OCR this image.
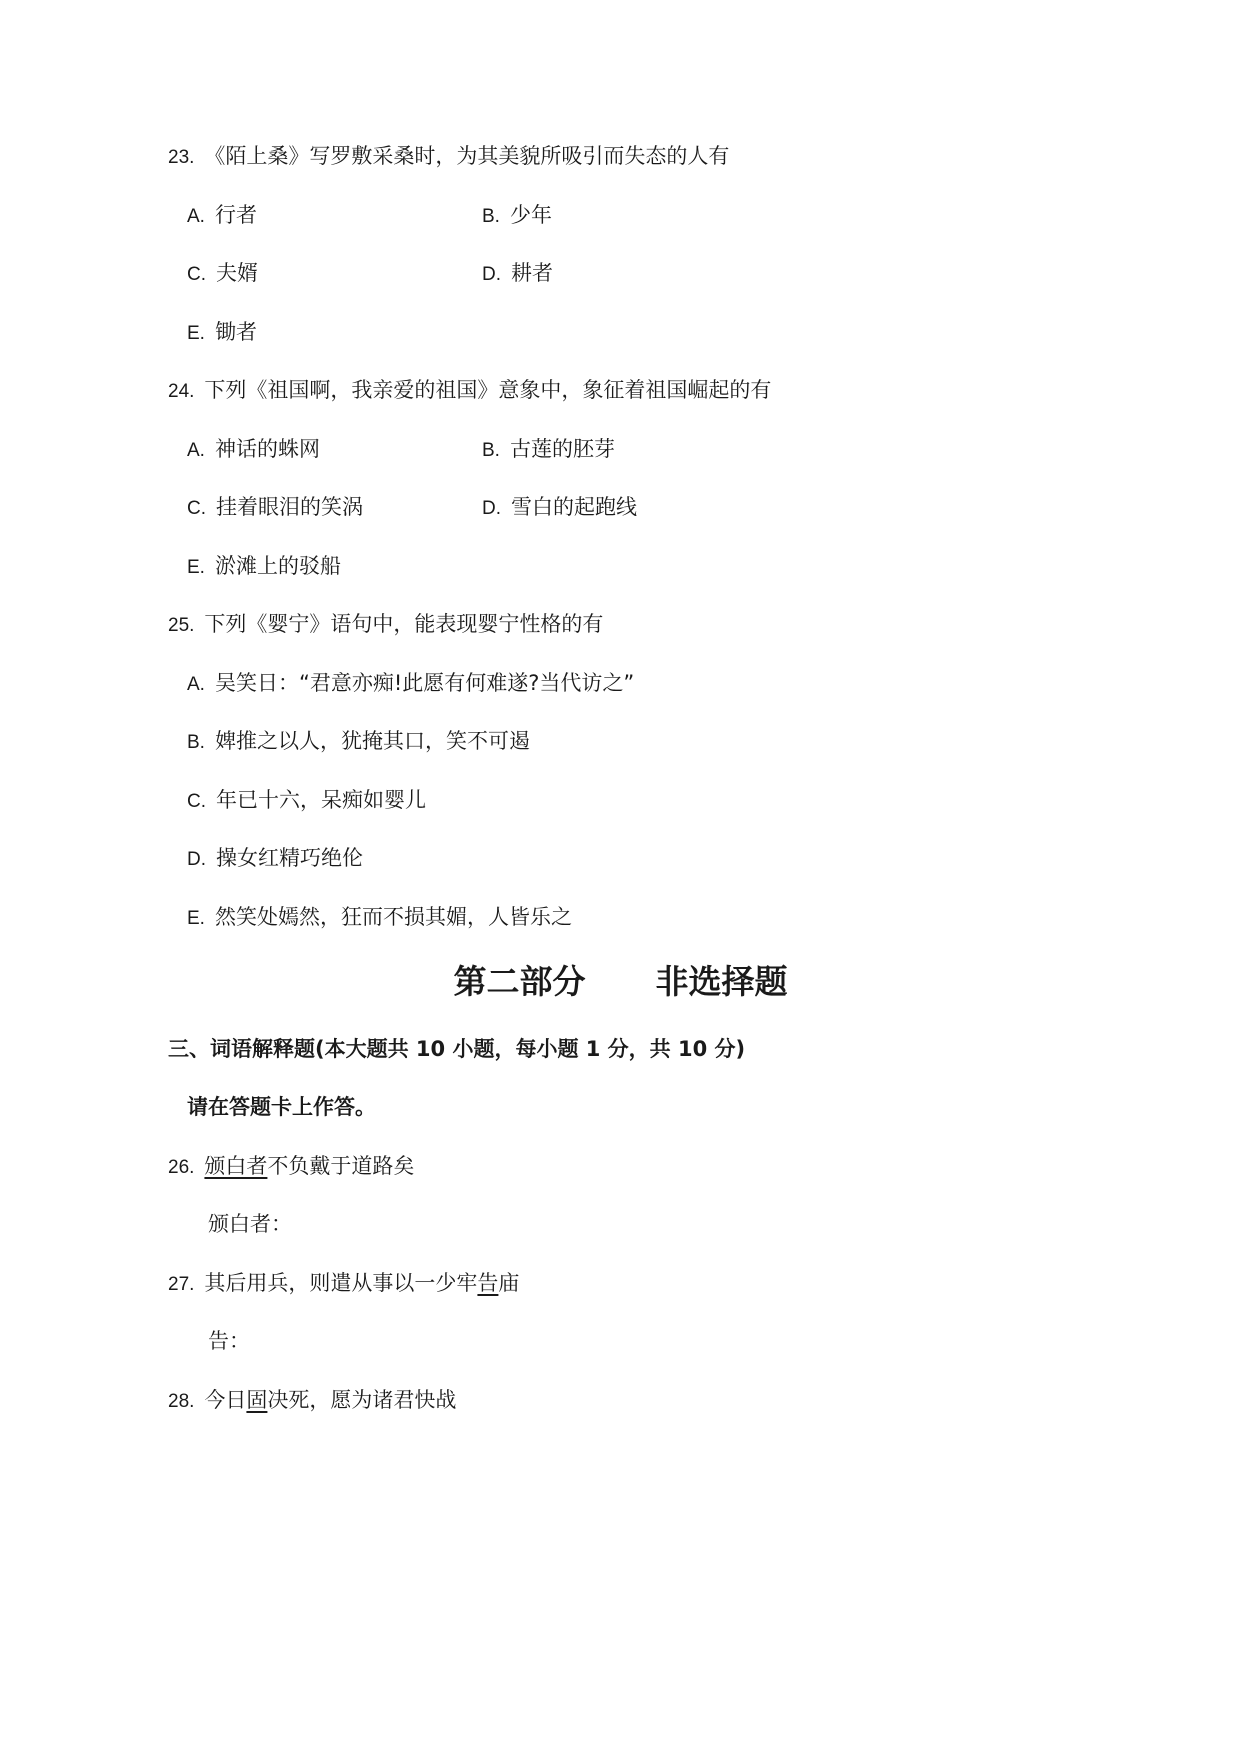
23. 《陌上桑》写罗敷采桑时，为其美貌所吸引而失态的人有
A. 行者	B. 少年
C. 夫婿	D. 耕者
E. 锄者
24. 下列《祖国啊，我亲爱的祖国》意象中，象征着祖国崛起的有
A. 神话的蛛网	B. 古莲的胚芽
C. 挂着眼泪的笑涡	D. 雪白的起跑线
E. 淤滩上的驳船
25. 下列《婴宁》语句中，能表现婴宁性格的有
A. 吴笑日：“君意亦痴!此愿有何难遂?当代访之”
B. 婢推之以人，犹掩其口，笑不可遏
C. 年已十六，呆痴如婴儿
D. 操女红精巧绝伦
E. 然笑处嫣然，狂而不损其媚，人皆乐之
第二部分 非选择题
三、词语解释题(本大题共 10 小题，每小题 1 分，共 10 分)
请在答题卡上作答。
26. 颁白者不负戴于道路矣
颁白者：
27. 其后用兵，则遣从事以一少牢告庙
告：
28. 今日固决死，愿为诸君快战
